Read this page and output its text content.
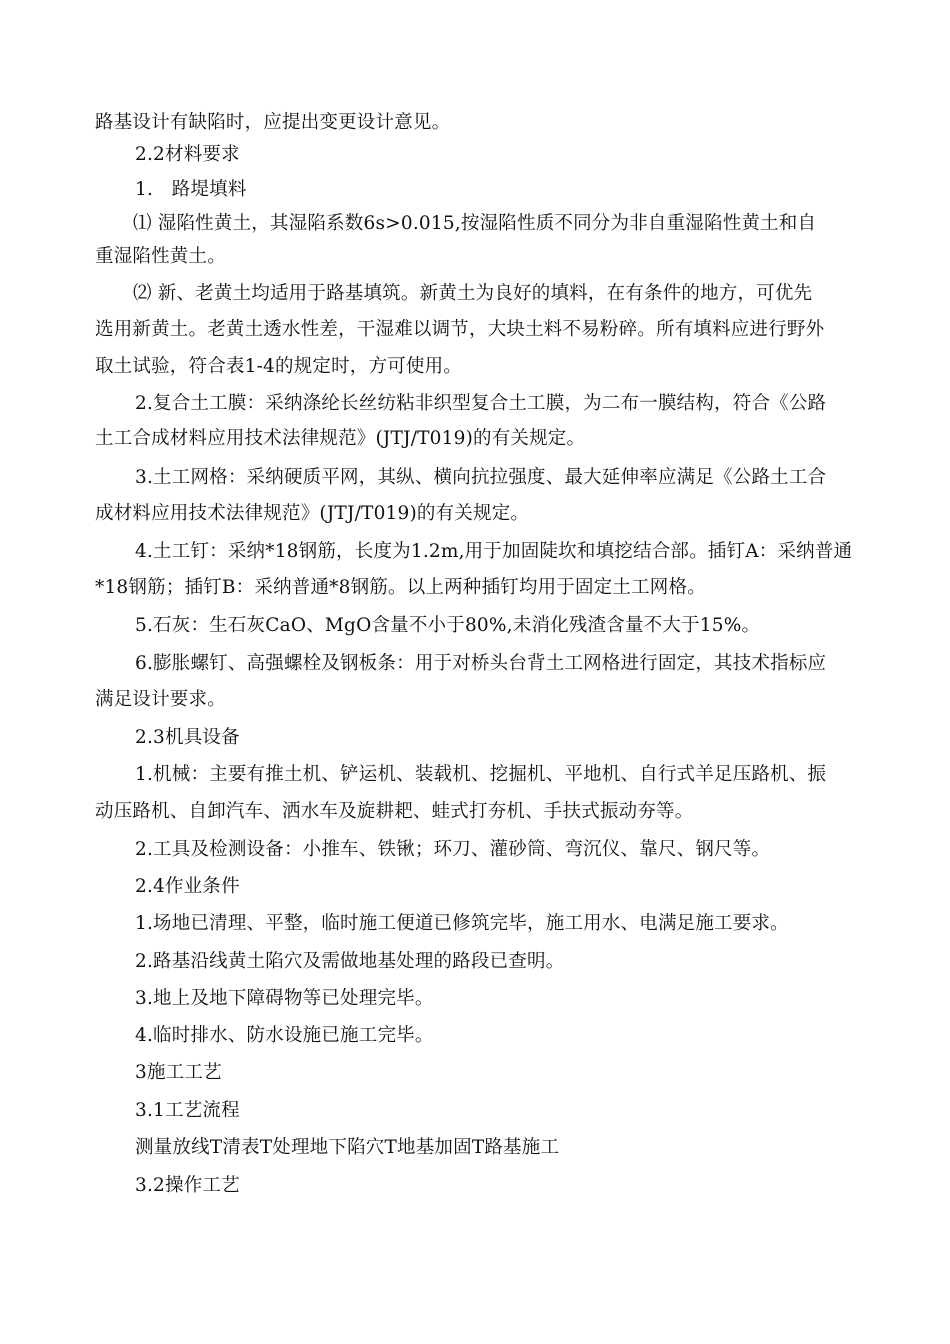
路基设计有缺陷时，应提出变更设计意见。
2.2材料要求
1.　路堤填料
⑴ 湿陷性黄土，其湿陷系数6s>0.015,按湿陷性质不同分为非自重湿陷性黄土和自
重湿陷性黄土。
⑵ 新、老黄土均适用于路基填筑。新黄土为良好的填料，在有条件的地方，可优先
选用新黄土。老黄土透水性差，干湿难以调节，大块土料不易粉碎。所有填料应进行野外
取土试验，符合表1-4的规定时，方可使用。
2.复合土工膜：采纳涤纶长丝纺粘非织型复合土工膜，为二布一膜结构，符合《公路
土工合成材料应用技术法律规范》(JTJ/T019)的有关规定。
3.土工网格：采纳硬质平网，其纵、横向抗拉强度、最大延伸率应满足《公路土工合
成材料应用技术法律规范》(JTJ/T019)的有关规定。
4.土工钉：采纳*18钢筋，长度为1.2m,用于加固陡坎和填挖结合部。插钉A：采纳普通
*18钢筋；插钉B：采纳普通*8钢筋。以上两种插钉均用于固定土工网格。
5.石灰：生石灰CaO、MgO含量不小于80%,未消化残渣含量不大于15%。
6.膨胀螺钉、高强螺栓及钢板条：用于对桥头台背土工网格进行固定，其技术指标应
满足设计要求。
2.3机具设备
1.机械：主要有推土机、铲运机、装载机、挖掘机、平地机、自行式羊足压路机、振
动压路机、自卸汽车、洒水车及旋耕耙、蛙式打夯机、手扶式振动夯等。
2.工具及检测设备：小推车、铁锹；环刀、灌砂筒、弯沉仪、靠尺、钢尺等。
2.4作业条件
1.场地已清理、平整，临时施工便道已修筑完毕，施工用水、电满足施工要求。
2.路基沿线黄土陷穴及需做地基处理的路段已查明。
3.地上及地下障碍物等已处理完毕。
4.临时排水、防水设施已施工完毕。
3施工工艺
3.1工艺流程
测量放线T清表T处理地下陷穴T地基加固T路基施工
3.2操作工艺
